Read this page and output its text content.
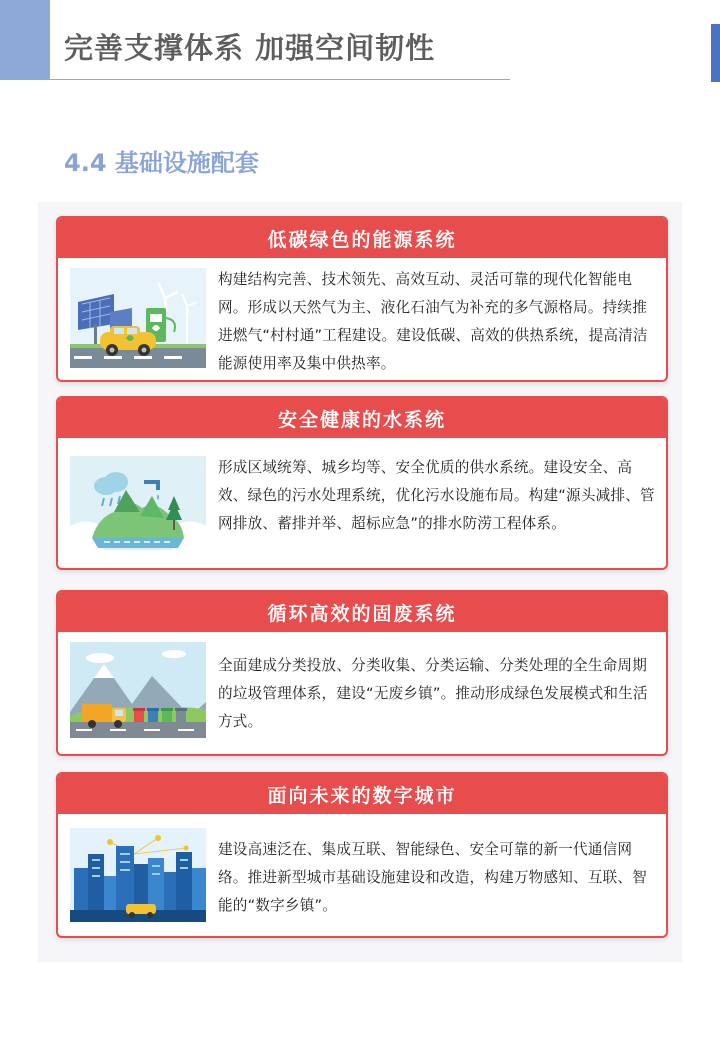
完善支撑体系 加强空间韧性
4.4 基础设施配套
低碳绿色的能源系统
构建结构完善、技术领先、高效互动、灵活可靠的现代化智能电网。形成以天然气为主、液化石油气为补充的多气源格局。持续推进燃气“村村通”工程建设。建设低碳、高效的供热系统，提高清洁能源使用率及集中供热率。
安全健康的水系统
形成区域统筹、城乡均等、安全优质的供水系统。建设安全、高效、绿色的污水处理系统，优化污水设施布局。构建“源头减排、管网排放、蓄排并举、超标应急”的排水防涝工程体系。
循环高效的固废系统
全面建成分类投放、分类收集、分类运输、分类处理的全生命周期的垃圾管理体系，建设“无废乡镇”。推动形成绿色发展模式和生活方式。
面向未来的数字城市
建设高速泛在、集成互联、智能绿色、安全可靠的新一代通信网络。推进新型城市基础设施建设和改造，构建万物感知、互联、智能的“数字乡镇”。
